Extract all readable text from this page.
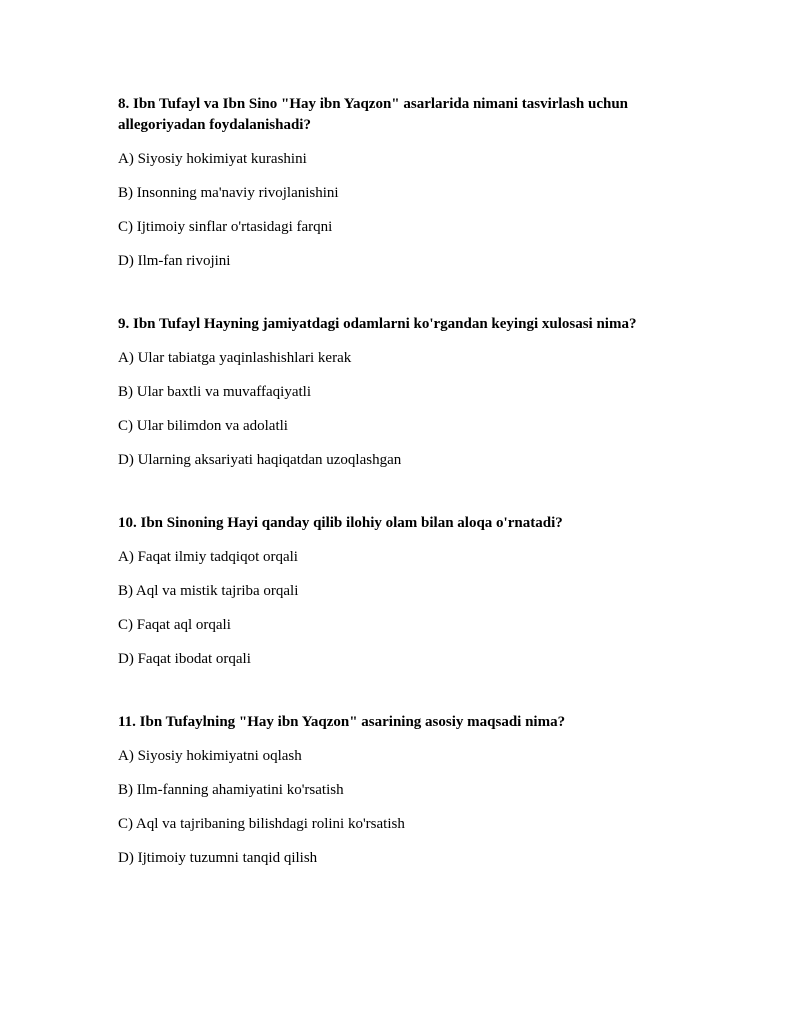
8. Ibn Tufayl va Ibn Sino "Hay ibn Yaqzon" asarlarida nimani tasvirlash uchun allegoriyadan foydalanishadi?

A) Siyosiy hokimiyat kurashini

B) Insonning ma'naviy rivojlanishini

C) Ijtimoiy sinflar o'rtasidagi farqni

D) Ilm-fan rivojini

9. Ibn Tufayl Hayning jamiyatdagi odamlarni ko'rgandan keyingi xulosasi nima?

A) Ular tabiatga yaqinlashishlari kerak

B) Ular baxtli va muvaffaqiyatli

C) Ular bilimdon va adolatli

D) Ularning aksariyati haqiqatdan uzoqlashgan

10. Ibn Sinoning Hayi qanday qilib ilohiy olam bilan aloqa o'rnatadi?

A) Faqat ilmiy tadqiqot orqali

B) Aql va mistik tajriba orqali

C) Faqat aql orqali

D) Faqat ibodat orqali

11. Ibn Tufaylning "Hay ibn Yaqzon" asarining asosiy maqsadi nima?

A) Siyosiy hokimiyatni oqlash

B) Ilm-fanning ahamiyatini ko'rsatish

C) Aql va tajribaning bilishdagi rolini ko'rsatish

D) Ijtimoiy tuzumni tanqid qilish
